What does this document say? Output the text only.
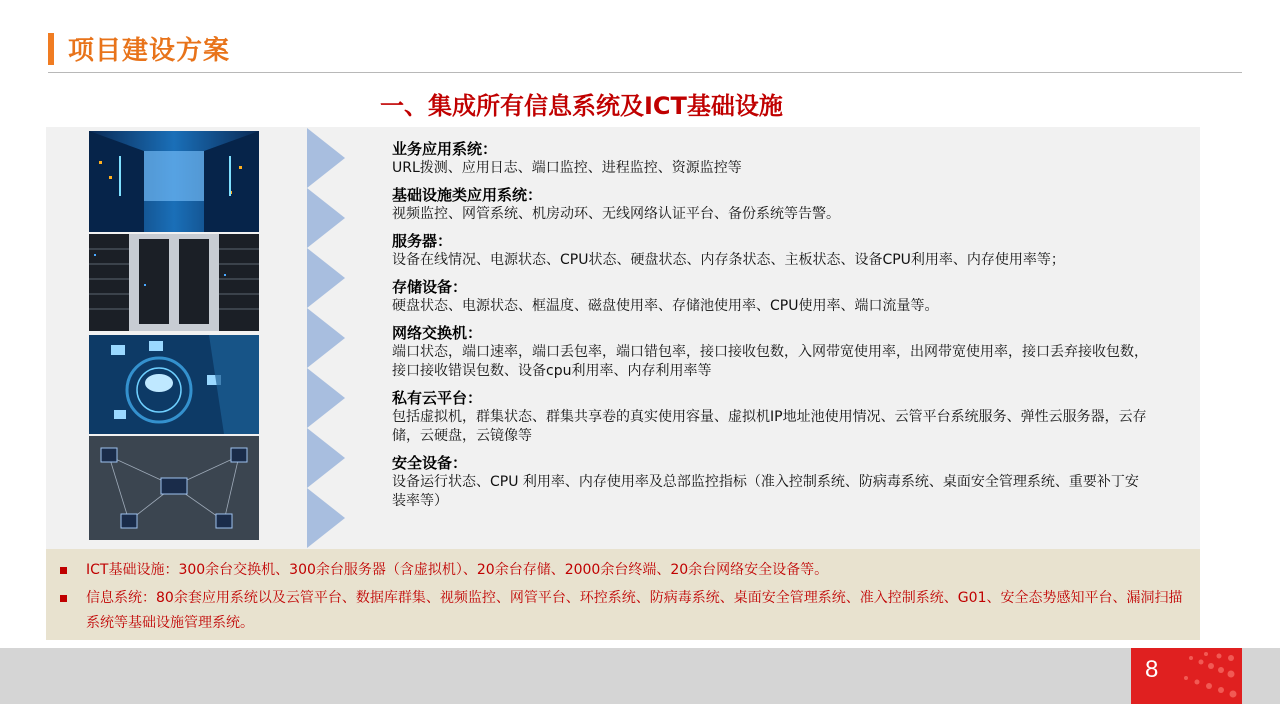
项目建设方案
一、集成所有信息系统及ICT基础设施
业务应用系统：
URL拨测、应用日志、端口监控、进程监控、资源监控等
基础设施类应用系统：
视频监控、网管系统、机房动环、无线网络认证平台、备份系统等告警。
服务器：
设备在线情况、电源状态、CPU状态、硬盘状态、内存条状态、主板状态、设备CPU利用率、内存使用率等；
存储设备：
硬盘状态、电源状态、框温度、磁盘使用率、存储池使用率、CPU使用率、端口流量等。
网络交换机：
端口状态，端口速率，端口丢包率，端口错包率，接口接收包数，入网带宽使用率，出网带宽使用率，接口丢弃接收包数，接口接收错误包数、设备cpu利用率、内存利用率等
私有云平台：
包括虚拟机，群集状态、群集共享卷的真实使用容量、虚拟机IP地址池使用情况、云管平台系统服务、弹性云服务器，云存储，云硬盘，云镜像等
安全设备：
设备运行状态、CPU 利用率、内存使用率及总部监控指标（准入控制系统、防病毒系统、桌面安全管理系统、重要补丁安装率等）
ICT基础设施：300余台交换机、300余台服务器（含虚拟机）、20余台存储、2000余台终端、20余台网络安全设备等。
信息系统：80余套应用系统以及云管平台、数据库群集、视频监控、网管平台、环控系统、防病毒系统、桌面安全管理系统、准入控制系统、G01、安全态势感知平台、漏洞扫描系统等基础设施管理系统。
8
